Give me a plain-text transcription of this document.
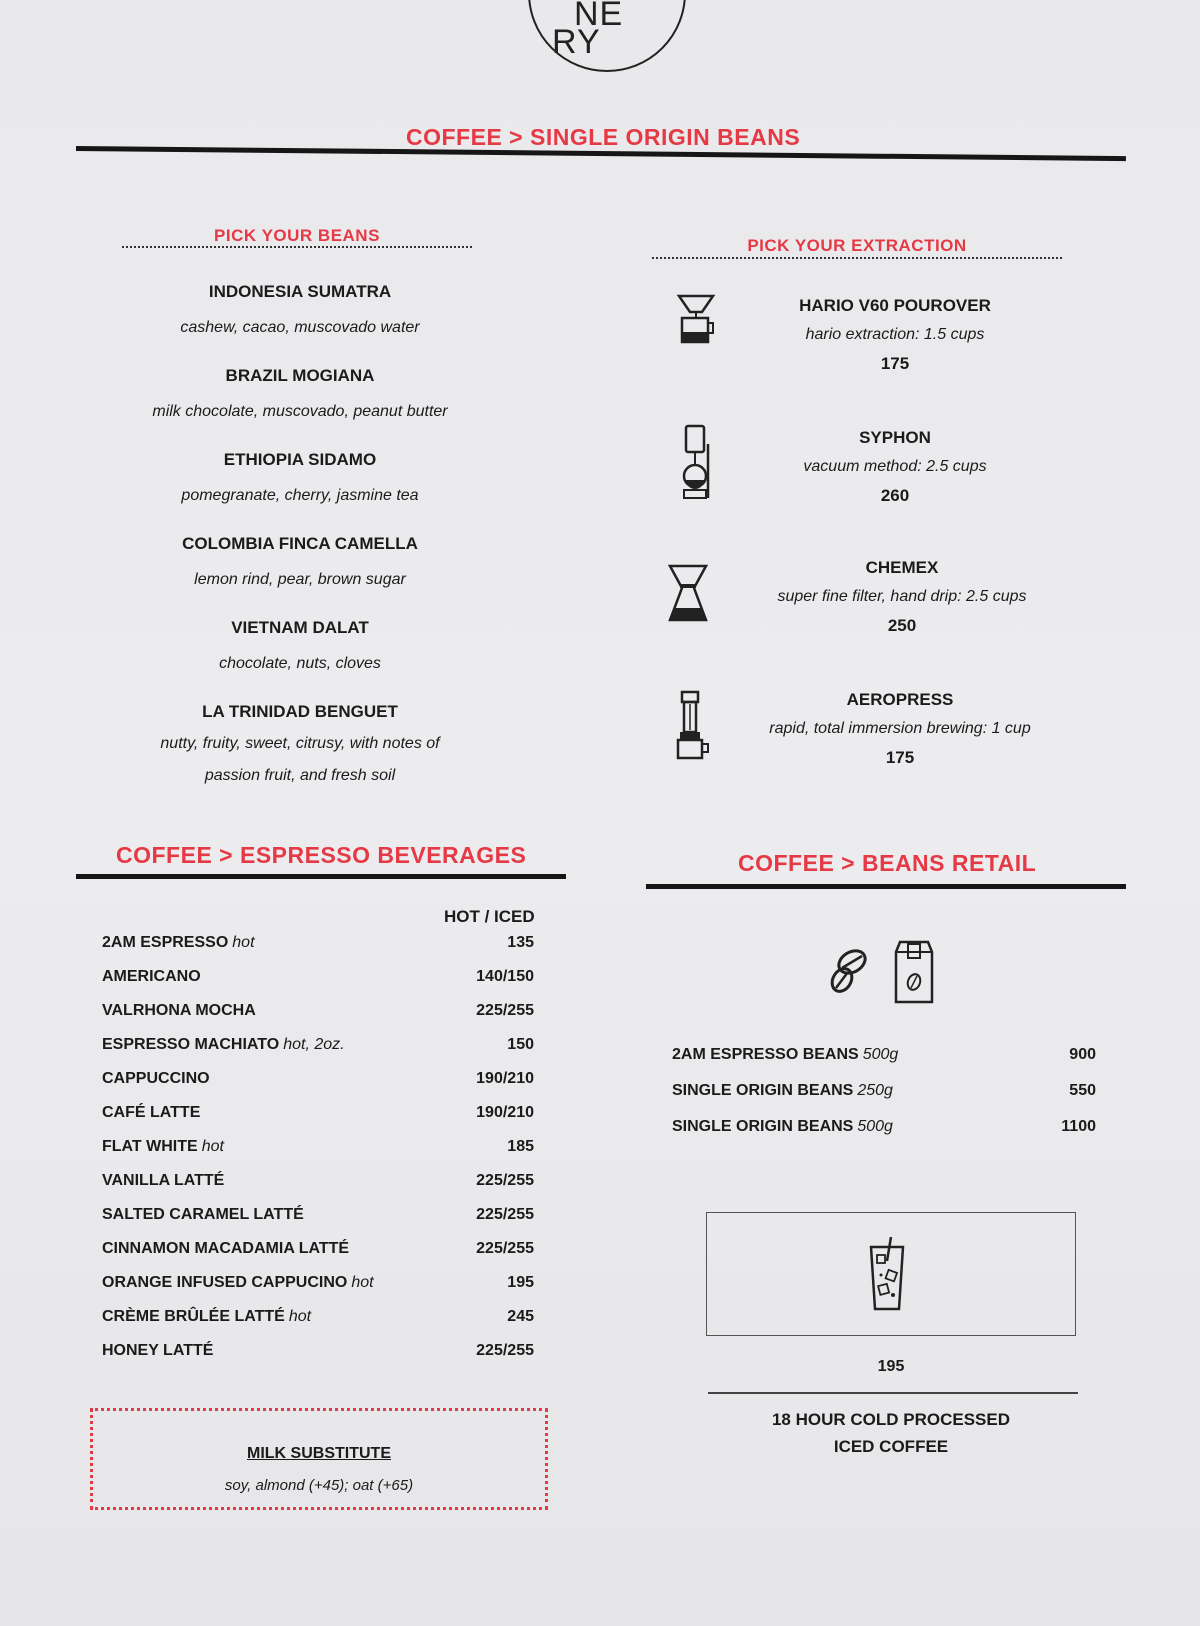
NE
RY
COFFEE > SINGLE ORIGIN BEANS
PICK YOUR BEANS
PICK YOUR EXTRACTION
INDONESIA SUMATRA
cashew, cacao, muscovado water
BRAZIL MOGIANA
milk chocolate, muscovado, peanut butter
ETHIOPIA SIDAMO
pomegranate, cherry, jasmine tea
COLOMBIA FINCA CAMELLA
lemon rind, pear, brown sugar
VIETNAM DALAT
chocolate, nuts, cloves
LA TRINIDAD BENGUET
nutty, fruity, sweet, citrusy, with notes of
passion fruit, and fresh soil
HARIO V60 POUROVER
hario extraction: 1.5 cups
175
SYPHON
vacuum method: 2.5 cups
260
CHEMEX
super fine filter, hand drip: 2.5 cups
250
AEROPRESS
rapid, total immersion brewing: 1 cup
175
COFFEE > ESPRESSO BEVERAGES
HOT / ICED
2AM ESPRESSO hot	135
AMERICANO	140/150
VALRHONA MOCHA	225/255
ESPRESSO MACHIATO hot, 2oz.	150
CAPPUCCINO	190/210
CAFÉ LATTE	190/210
FLAT WHITE hot	185
VANILLA LATTÉ	225/255
SALTED CARAMEL LATTÉ	225/255
CINNAMON MACADAMIA LATTÉ	225/255
ORANGE INFUSED CAPPUCINO hot	195
CRÈME BRÛLÉE LATTÉ hot	245
HONEY LATTÉ	225/255
MILK SUBSTITUTE
soy, almond (+45); oat (+65)
COFFEE > BEANS RETAIL
2AM ESPRESSO BEANS 500g	900
SINGLE ORIGIN BEANS 250g	550
SINGLE ORIGIN BEANS 500g	1100
195
18 HOUR COLD PROCESSED
ICED COFFEE
